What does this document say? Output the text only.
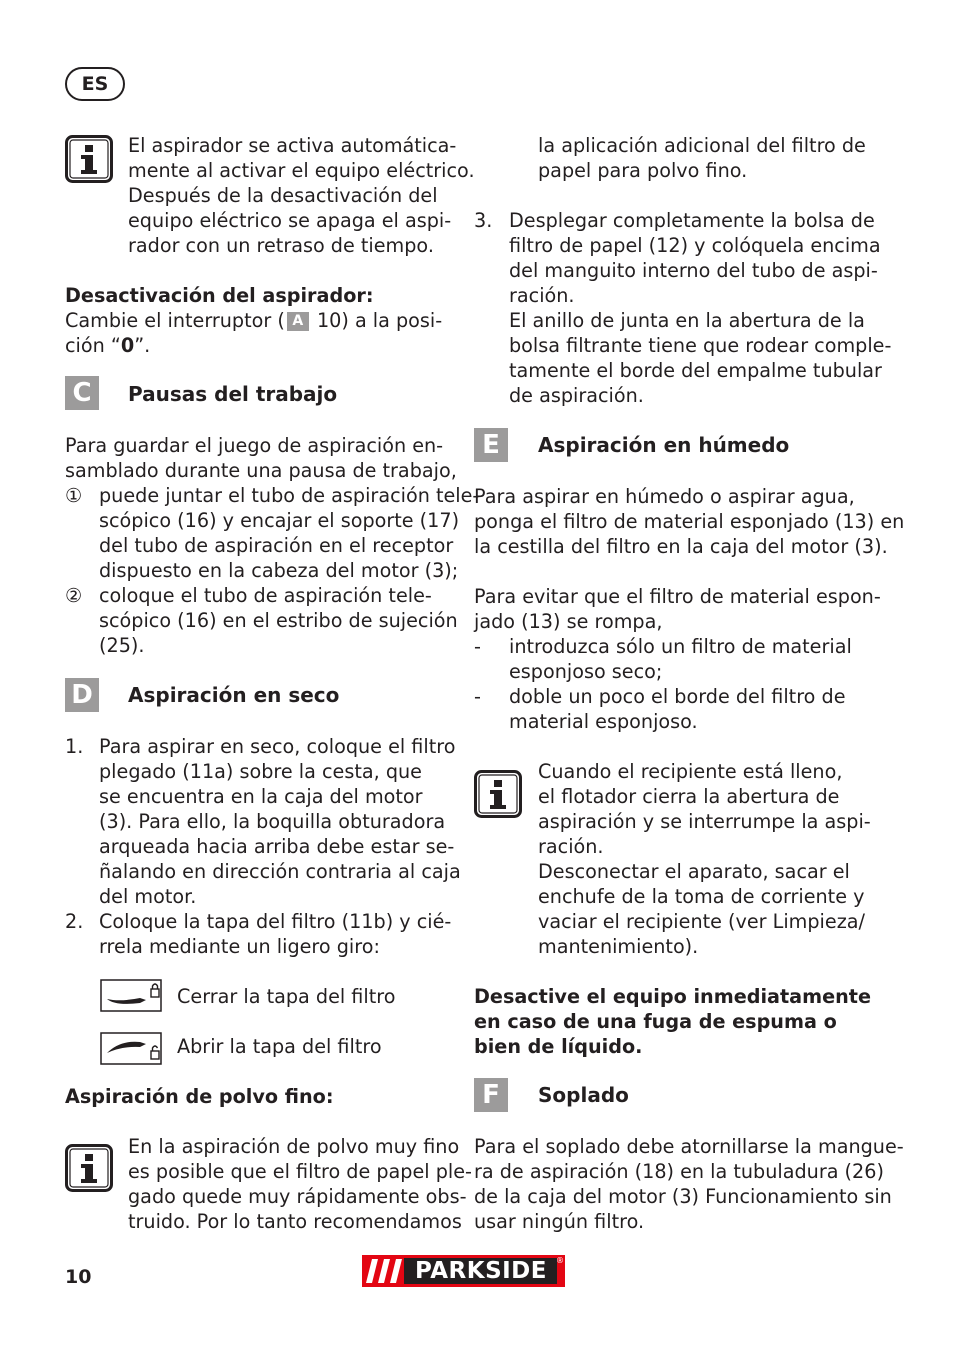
ES
El aspirador se activa automática-
mente al activar el equipo eléctrico.
Después de la desactivación del
equipo eléctrico se apaga el aspi-
rador con un retraso de tiempo.
Desactivación del aspirador:
Cambie el interruptor ( A 10) a la posi-
ción “0”.
C	Pausas del trabajo
Para guardar el juego de aspiración en-
samblado durante una pausa de trabajo,
① puede juntar el tubo de aspiración tele-
scópico (16) y encajar el soporte (17)
del tubo de aspiración en el receptor
dispuesto en la cabeza del motor (3);
② coloque el tubo de aspiración tele-
scópico (16) en el estribo de sujeción
(25).
D	Aspiración en seco
1. Para aspirar en seco, coloque el filtro
plegado (11a) sobre la cesta, que
se encuentra en la caja del motor
(3). Para ello, la boquilla obturadora
arqueada hacia arriba debe estar se-
ñalando en dirección contraria al caja
del motor.
2. Coloque la tapa del filtro (11b) y cié-
rrela mediante un ligero giro:
Cerrar la tapa del filtro
Abrir la tapa del filtro
Aspiración de polvo fino:
En la aspiración de polvo muy fino
es posible que el filtro de papel ple-
gado quede muy rápidamente obs-
truido. Por lo tanto recomendamos
la aplicación adicional del filtro de
papel para polvo fino.
3. Desplegar completamente la bolsa de
filtro de papel (12) y colóquela encima
del manguito interno del tubo de aspi-
ración.
El anillo de junta en la abertura de la
bolsa filtrante tiene que rodear comple-
tamente el borde del empalme tubular
de aspiración.
E	Aspiración en húmedo
Para aspirar en húmedo o aspirar agua,
ponga el filtro de material esponjado (13) en
la cestilla del filtro en la caja del motor (3).
Para evitar que el filtro de material espon-
jado (13) se rompa,
- introduzca sólo un filtro de material
esponjoso seco;
- doble un poco el borde del filtro de
material esponjoso.
Cuando el recipiente está lleno,
el flotador cierra la abertura de
aspiración y se interrumpe la aspi-
ración.
Desconectar el aparato, sacar el
enchufe de la toma de corriente y
vaciar el recipiente (ver Limpieza/
mantenimiento).
Desactive el equipo inmediatamente
en caso de una fuga de espuma o
bien de líquido.
F	Soplado
Para el soplado debe atornillarse la mangue-
ra de aspiración (18) en la tubuladura (26)
de la caja del motor (3) Funcionamiento sin
usar ningún filtro.
10	PARKSIDE	®
